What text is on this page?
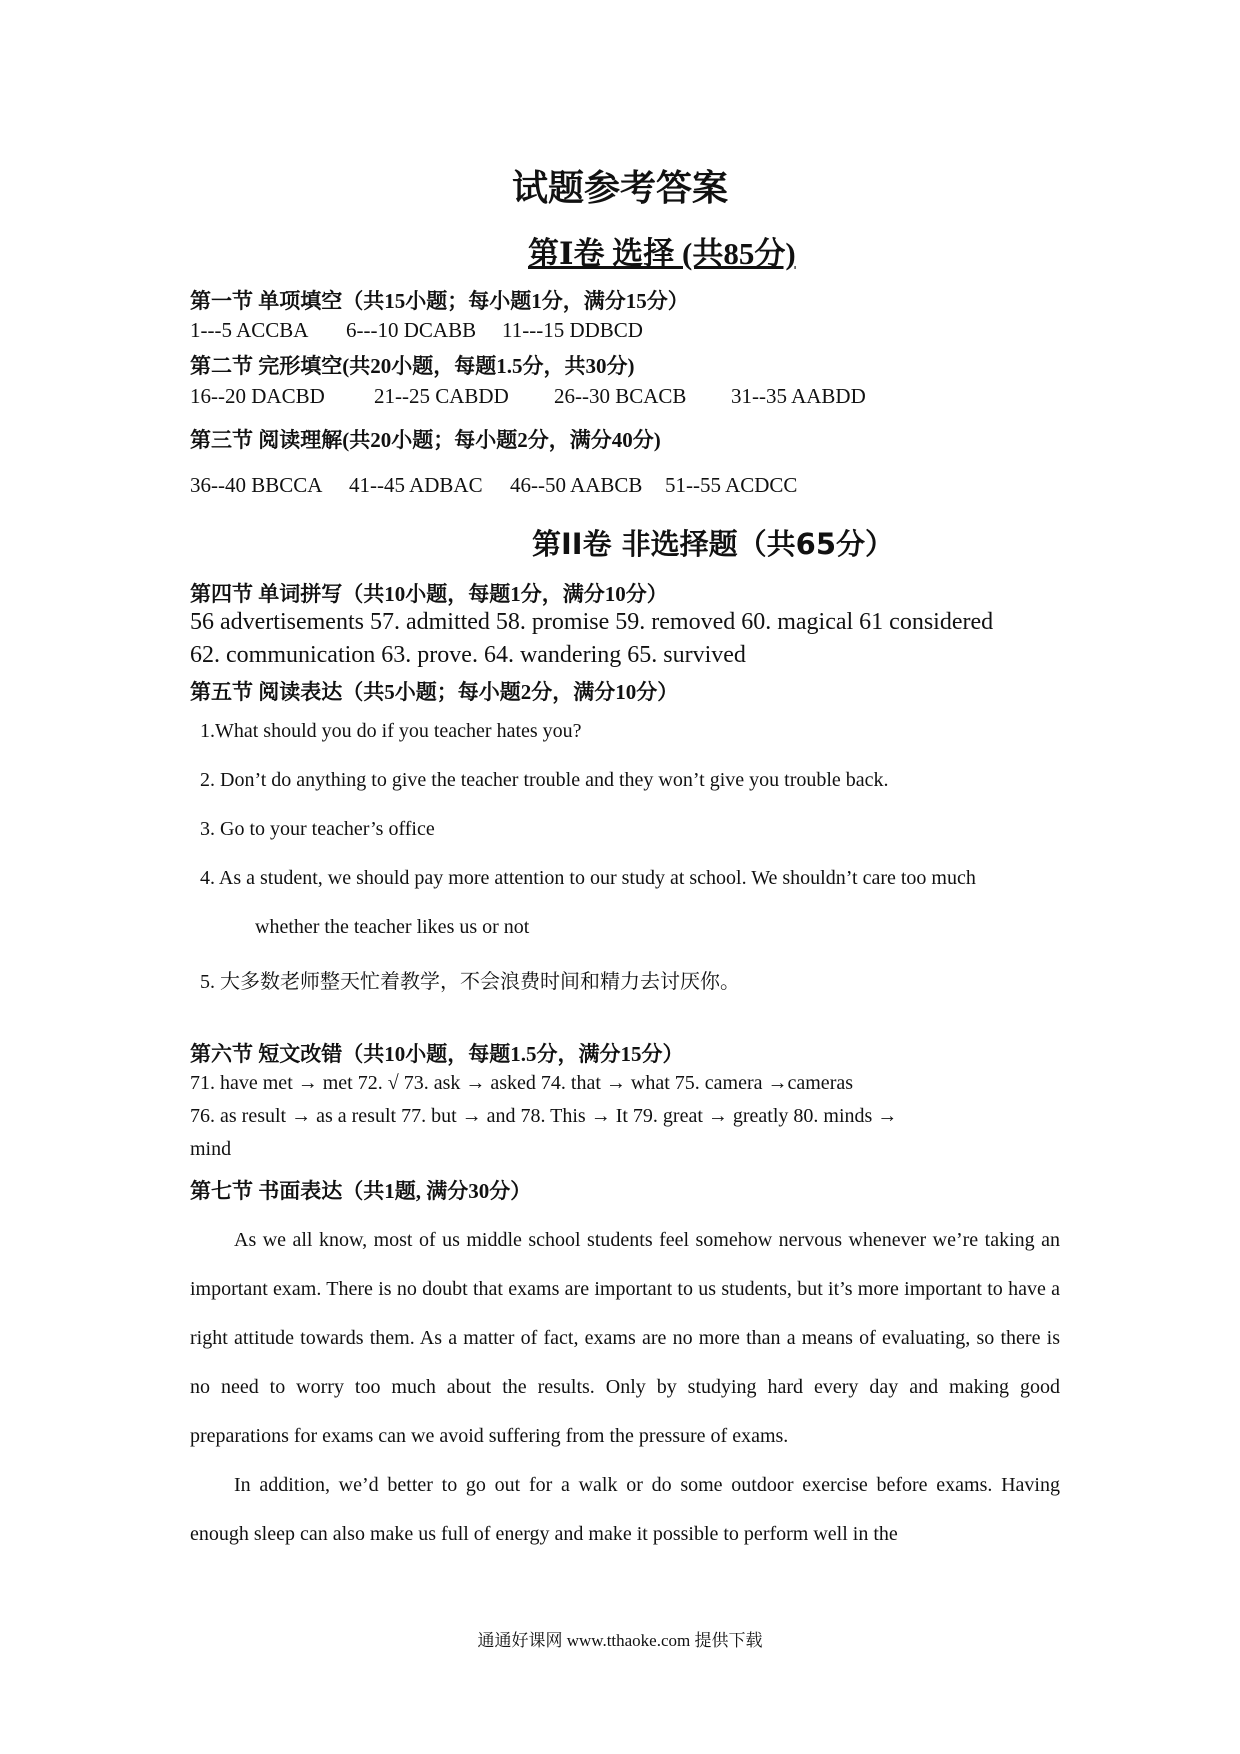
试题参考答案
第Ⅰ卷 选择 (共85分)
第一节 单项填空（共15小题；每小题1分，满分15分）
1---5 ACCBA 6---10 DCABB 11---15 DDBCD
第二节 完形填空(共20小题，每题1.5分，共30分)
16--20 DACBD 21--25 CABDD 26--30 BCACB 31--35 AABDD
第三节 阅读理解(共20小题；每小题2分，满分40分)
36--40 BBCCA 41--45 ADBAC 46--50 AABCB 51--55 ACDCC
第II卷 非选择题（共65分）
第四节 单词拼写（共10小题，每题1分，满分10分）
56 advertisements 57. admitted 58. promise 59. removed 60. magical 61 considered
62. communication 63. prove. 64. wandering 65. survived
第五节 阅读表达（共5小题；每小题2分，满分10分）
1.What should you do if you teacher hates you?
2. Don’t do anything to give the teacher trouble and they won’t give you trouble back.
3. Go to your teacher’s office
4. As a student, we should pay more attention to our study at school. We shouldn’t care too much
whether the teacher likes us or not
5. 大多数老师整天忙着教学，不会浪费时间和精力去讨厌你。
第六节 短文改错（共10小题，每题1.5分，满分15分）
71. have met → met 72. √ 73. ask → asked 74. that → what 75. camera →cameras
76. as result → as a result 77. but → and 78. This → It 79. great → greatly 80. minds →
mind
第七节 书面表达（共1题, 满分30分）

As we all know, most of us middle school students feel somehow nervous whenever we’re taking an important exam. There is no doubt that exams are important to us students, but it’s more important to have a right attitude towards them. As a matter of fact, exams are no more than a means of evaluating, so there is no need to worry too much about the results. Only by studying hard every day and making good preparations for exams can we avoid suffering from the pressure of exams.

In addition, we’d better to go out for a walk or do some outdoor exercise before exams. Having enough sleep can also make us full of energy and make it possible to perform well in the

通通好课网 www.tthaoke.com 提供下载
